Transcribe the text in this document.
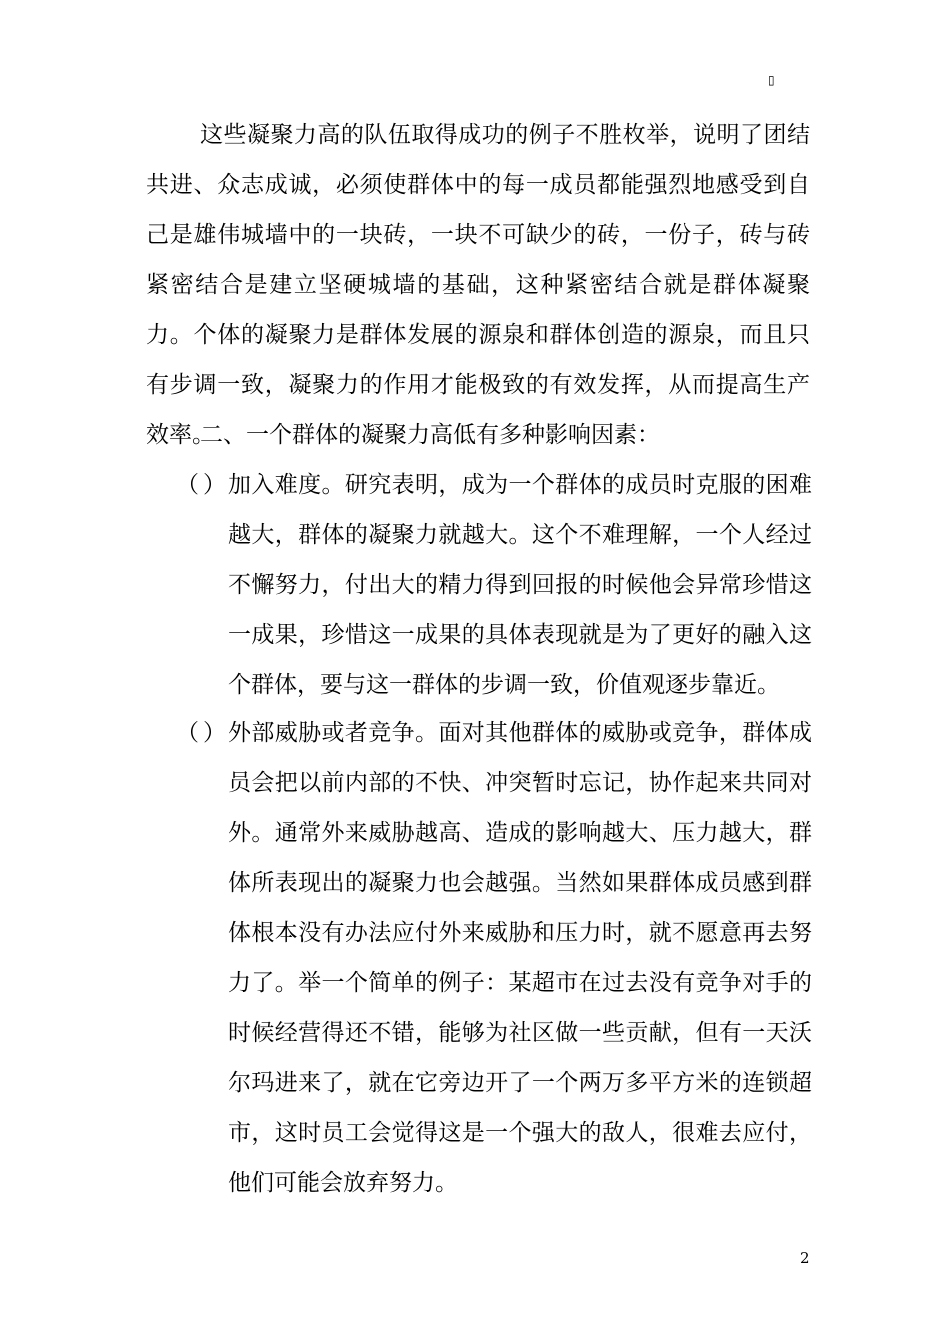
▯

这些凝聚力高的队伍取得成功的例子不胜枚举，说明了团结共进、众志成诚，必须使群体中的每一成员都能强烈地感受到自己是雄伟城墙中的一块砖，一块不可缺少的砖，一份子，砖与砖紧密结合是建立坚硬城墙的基础，这种紧密结合就是群体凝聚力。个体的凝聚力是群体发展的源泉和群体创造的源泉，而且只有步调一致，凝聚力的作用才能极致的有效发挥，从而提高生产效率。

二、一个群体的凝聚力高低有多种影响因素：

（）

加入难度。研究表明，成为一个群体的成员时克服的困难越大，群体的凝聚力就越大。这个不难理解，一个人经过不懈努力，付出大的精力得到回报的时候他会异常珍惜这一成果，珍惜这一成果的具体表现就是为了更好的融入这个群体，要与这一群体的步调一致，价值观逐步靠近。

（）

外部威胁或者竞争。面对其他群体的威胁或竞争，群体成员会把以前内部的不快、冲突暂时忘记，协作起来共同对外。通常外来威胁越高、造成的影响越大、压力越大，群体所表现出的凝聚力也会越强。当然如果群体成员感到群体根本没有办法应付外来威胁和压力时，就不愿意再去努力了。举一个简单的例子：某超市在过去没有竞争对手的时候经营得还不错，能够为社区做一些贡献，但有一天沃尔玛进来了，就在它旁边开了一个两万多平方米的连锁超市，这时员工会觉得这是一个强大的敌人，很难去应付，他们可能会放弃努力。

2
